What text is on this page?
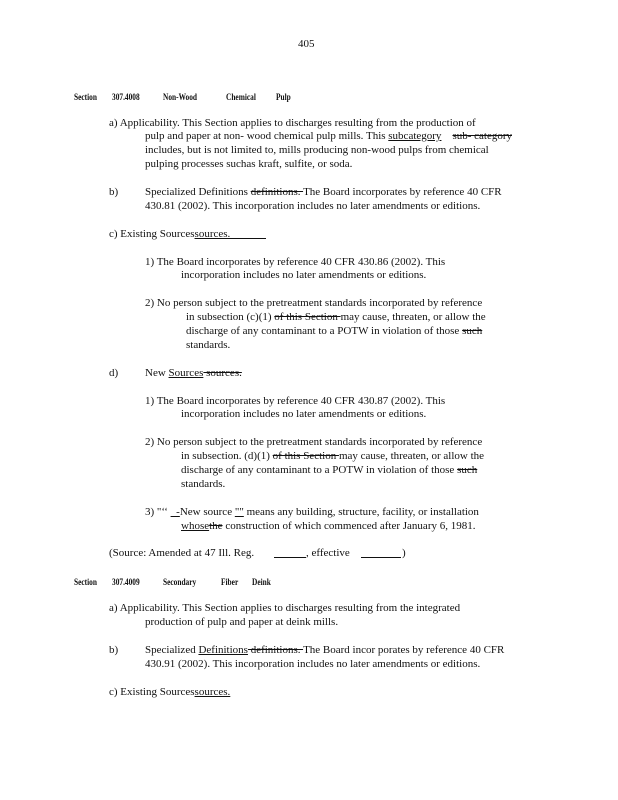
405
Section 307.4008	Non-Wood	Chemical Pulp
a) Applicability. This Section applies to discharges resulting from the production of
pulp and paper at non- wood chemical pulp mills. This subcategory sub- category
includes, but is not limited to, mills producing non-wood pulps from chemical
pulping processes suchas kraft, sulfite, or soda.
b) Specialized Definitions definitions. The Board incorporates by reference 40 CFR
430.81 (2002). This incorporation includes no later amendments or editions.
c) Existing Sourcessources.
1) The Board incorporates by reference 40 CFR 430.86 (2002). This
incorporation includes no later amendments or editions.
2) No person subject to the pretreatment standards incorporated by reference
in subsection (c)(1) of this Section may cause, threaten, or allow the
discharge of any contaminant to a POTW in violation of those such
standards.
d) New Sources sources.
1) The Board incorporates by reference 40 CFR 430.87 (2002). This
incorporation includes no later amendments or editions.
2) No person subject to the pretreatment standards incorporated by reference
in subsection. (d)(1) of this Section may cause, threaten, or allow the
discharge of any contaminant to a POTW in violation of those such
standards.
3) "‘‘ _-New source "" means any building, structure, facility, or installation
whosethe construction of which commenced after January 6, 1981.
(Source: Amended at 47 Ill. Reg.	, effective	)
Section 307.4009	Secondary	Fiber Deink
a) Applicability. This Section applies to discharges resulting from the integrated
production of pulp and paper at deink mills.
b) Specialized Definitions definitions. The Board incor porates by reference 40 CFR
430.91 (2002). This incorporation includes no later amendments or editions.
c) Existing Sourcessources.
